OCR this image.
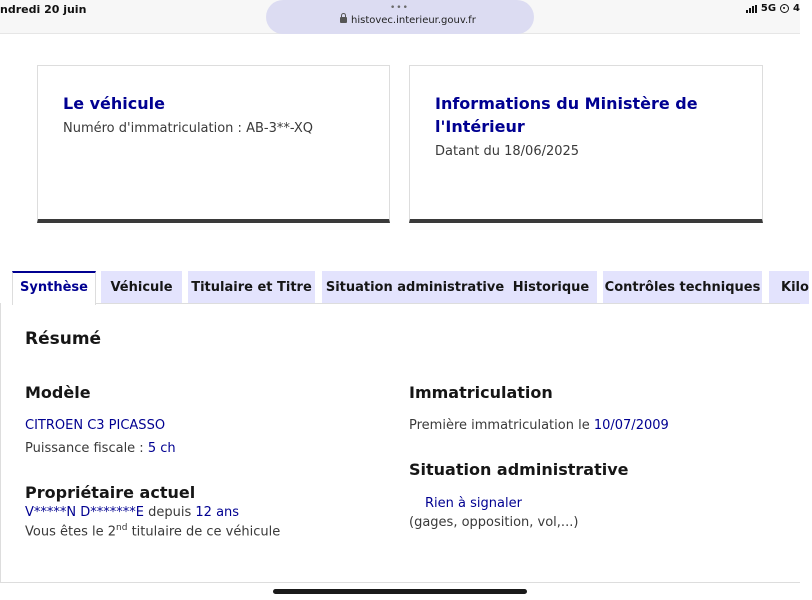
ndredi 20 juin	•••
histovec.interieur.gouv.fr
5G 4
Le véhicule
Numéro d'immatriculation : AB-3**-XQ
Informations du Ministère de l'Intérieur
Datant du 18/06/2025
Synthèse	Véhicule	Titulaire et Titre Situation administrative Historique	Contrôles techniques	Kilo
Résumé
Modèle
CITROEN C3 PICASSO
Puissance fiscale : 5 ch
Propriétaire actuel
V*****N D*******E depuis 12 ans
Vous êtes le 2nd titulaire de ce véhicule
Immatriculation
Première immatriculation le 10/07/2009
Situation administrative
Rien à signaler
(gages, opposition, vol,...)
